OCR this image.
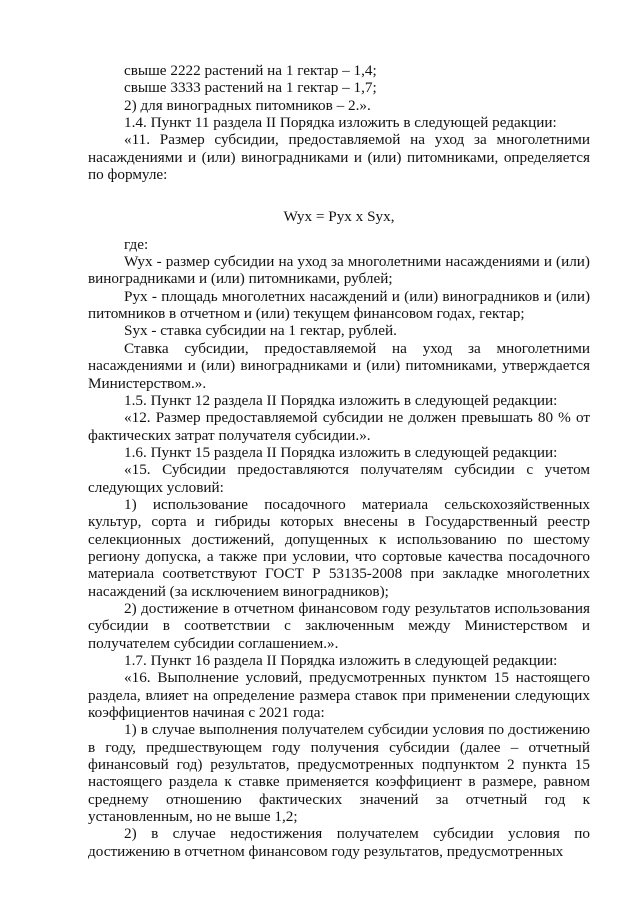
свыше 2222 растений на 1 гектар – 1,4;

свыше 3333 растений на 1 гектар – 1,7;

2) для виноградных питомников – 2.».

1.4. Пункт 11 раздела II Порядка изложить в следующей редакции:

«11. Размер субсидии, предоставляемой на уход за многолетними насаждениями и (или) виноградниками и (или) питомниками, определяется по формуле:

Wyx = Pyx x Syx,

где:

Wyx - размер субсидии на уход за многолетними насаждениями и (или) виноградниками и (или) питомниками, рублей;

Pyx - площадь многолетних насаждений и (или) виноградников и (или) питомников в отчетном и (или) текущем финансовом годах, гектар;

Syx - ставка субсидии на 1 гектар, рублей.

Ставка субсидии, предоставляемой на уход за многолетними насаждениями и (или) виноградниками и (или) питомниками, утверждается Министерством.».

1.5. Пункт 12 раздела II Порядка изложить в следующей редакции:

«12. Размер предоставляемой субсидии не должен превышать 80 % от фактических затрат получателя субсидии.».

1.6. Пункт 15 раздела II Порядка изложить в следующей редакции:

«15. Субсидии предоставляются получателям субсидии с учетом следующих условий:

1) использование посадочного материала сельскохозяйственных культур, сорта и гибриды которых внесены в Государственный реестр селекционных достижений, допущенных к использованию по шестому региону допуска, а также при условии, что сортовые качества посадочного материала соответствуют ГОСТ Р 53135-2008 при закладке многолетних насаждений (за исключением виноградников);

2) достижение в отчетном финансовом году результатов использования субсидии в соответствии с заключенным между Министерством и получателем субсидии соглашением.».

1.7. Пункт 16 раздела II Порядка изложить в следующей редакции:

«16. Выполнение условий, предусмотренных пунктом 15 настоящего раздела, влияет на определение размера ставок при применении следующих коэффициентов начиная с 2021 года:

1) в случае выполнения получателем субсидии условия по достижению в году, предшествующем году получения субсидии (далее – отчетный финансовый год) результатов, предусмотренных подпунктом 2 пункта 15 настоящего раздела к ставке применяется коэффициент в размере, равном среднему отношению фактических значений за отчетный год к установленным, но не выше 1,2;

2) в случае недостижения получателем субсидии условия по достижению в отчетном финансовом году результатов, предусмотренных
